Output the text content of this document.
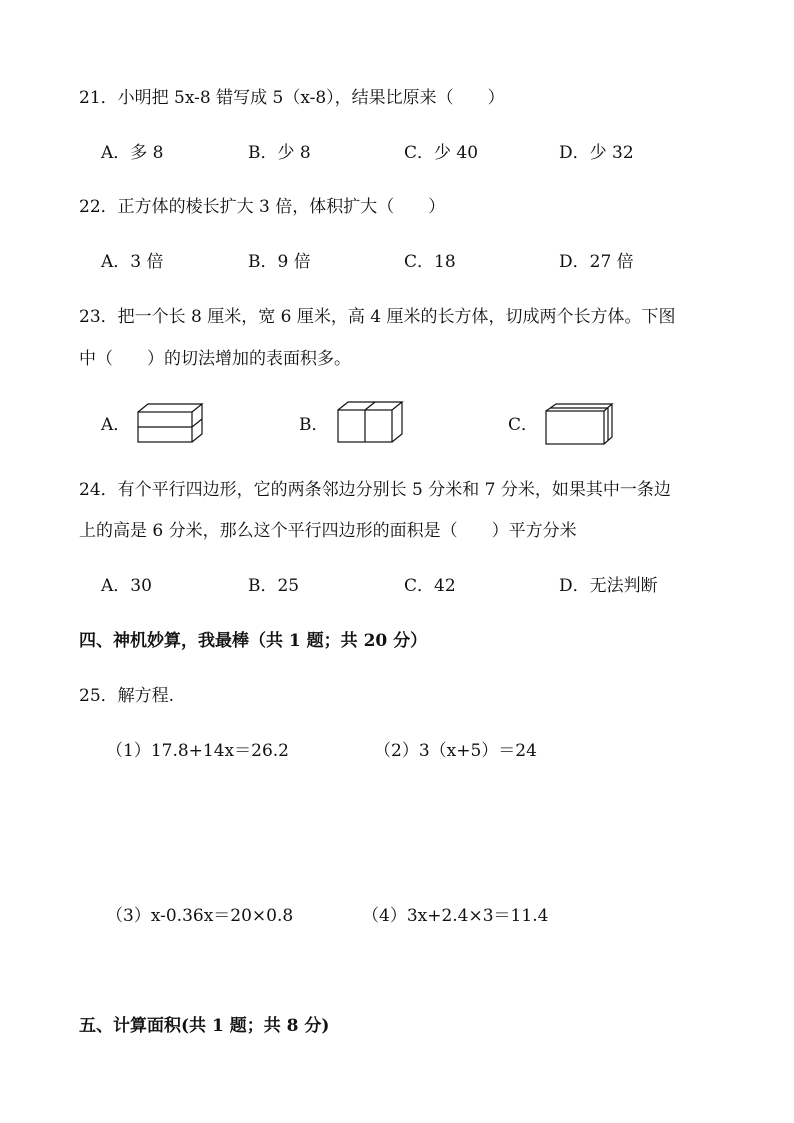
21．小明把 5x-8 错写成 5（x-8），结果比原来（　　）
A．多 8	B．少 8	C．少 40	D．少 32
22．正方体的棱长扩大 3 倍，体积扩大（　　）
A．3 倍	B．9 倍	C．18	D．27 倍
23．把一个长 8 厘米，宽 6 厘米，高 4 厘米的长方体，切成两个长方体。下图
中（　　）的切法增加的表面积多。
A．	B．	C．
24．有个平行四边形，它的两条邻边分别长 5 分米和 7 分米，如果其中一条边
上的高是 6 分米，那么这个平行四边形的面积是（　　）平方分米
A．30	B．25	C．42	D．无法判断
四、神机妙算，我最棒（共 1 题；共 20 分）
25．解方程.
（1）17.8+14x＝26.2	（2）3（x+5）＝24
（3）x-0.36x＝20×0.8	（4）3x+2.4×3＝11.4
五、计算面积(共 1 题；共 8 分)
